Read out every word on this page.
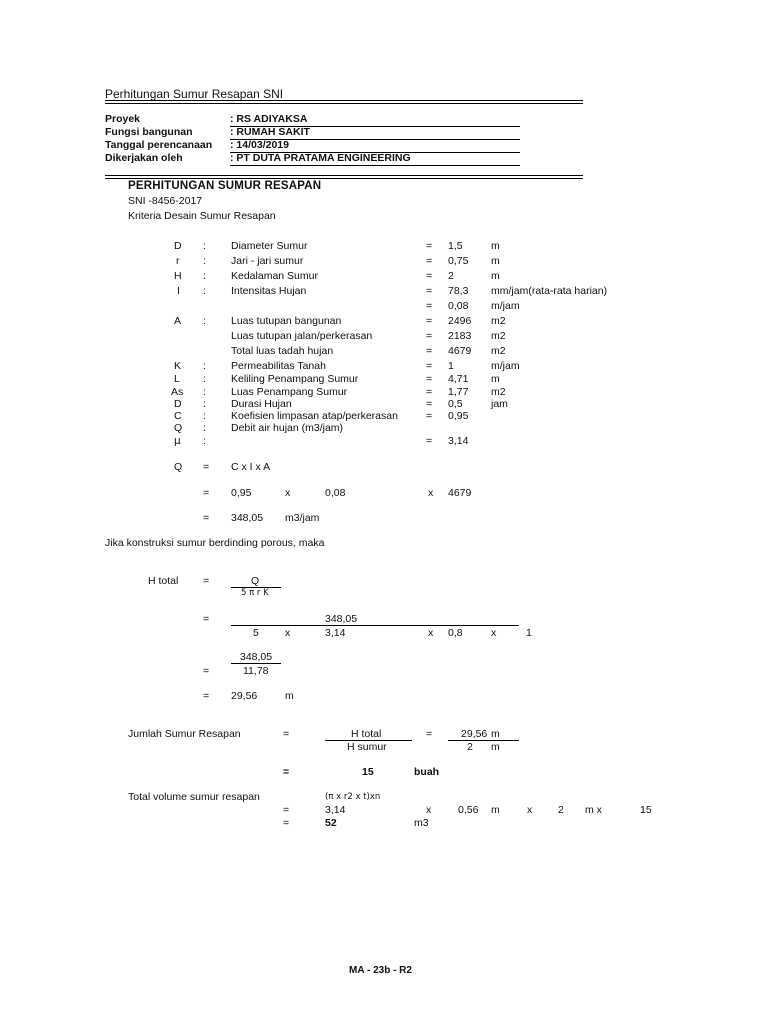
Perhitungan Sumur Resapan SNI
Proyek	: RS ADIYAKSA
Fungsi bangunan	: RUMAH SAKIT
Tanggal perencanaan : 14/03/2019
Dikerjakan oleh	: PT DUTA PRATAMA ENGINEERING
PERHITUNGAN SUMUR RESAPAN
SNI -8456-2017
Kriteria Desain Sumur Resapan
D : Diameter Sumur	= 1,5	m
r : Jari - jari sumur	= 0,75 m
H : Kedalaman Sumur	= 2	m
I : Intensitas Hujan	= 78,3 mm/jam(rata-rata harian)
= 0,08 m/jam
A : Luas tutupan bangunan	= 2496 m2
Luas tutupan jalan/perkerasan	= 2183 m2
Total luas tadah hujan	= 4679 m2
K : Permeabilitas Tanah	= 1	m/jam
L : Keliling Penampang Sumur	= 4,71 m
As : Luas Penampang Sumur	= 1,77 m2
D : Durasi Hujan	= 0,5	jam
C : Koefisien limpasan atap/perkerasan	= 0,95
Q : Debit air hujan (m3/jam)
μ :	= 3,14
Q = C x I x A
= 0,95	x	0,08	x 4679
= 348,05 m3/jam
Jika konstruksi sumur berdinding porous, maka
H total =	Q
5 π r K
=	348,05
5 x	3,14	x 0,8	x	1
348,05
=	11,78
= 29,56	m
Jumlah Sumur Resapan	=	H total
H sumur
=	29,56 m
2 m
=	15	buah
Total volume sumur resapan	(π x r2 x t)xn
=	3,14	x	0,56 m	x 2 m x	15
=	52	m3
MA - 23b - R2
